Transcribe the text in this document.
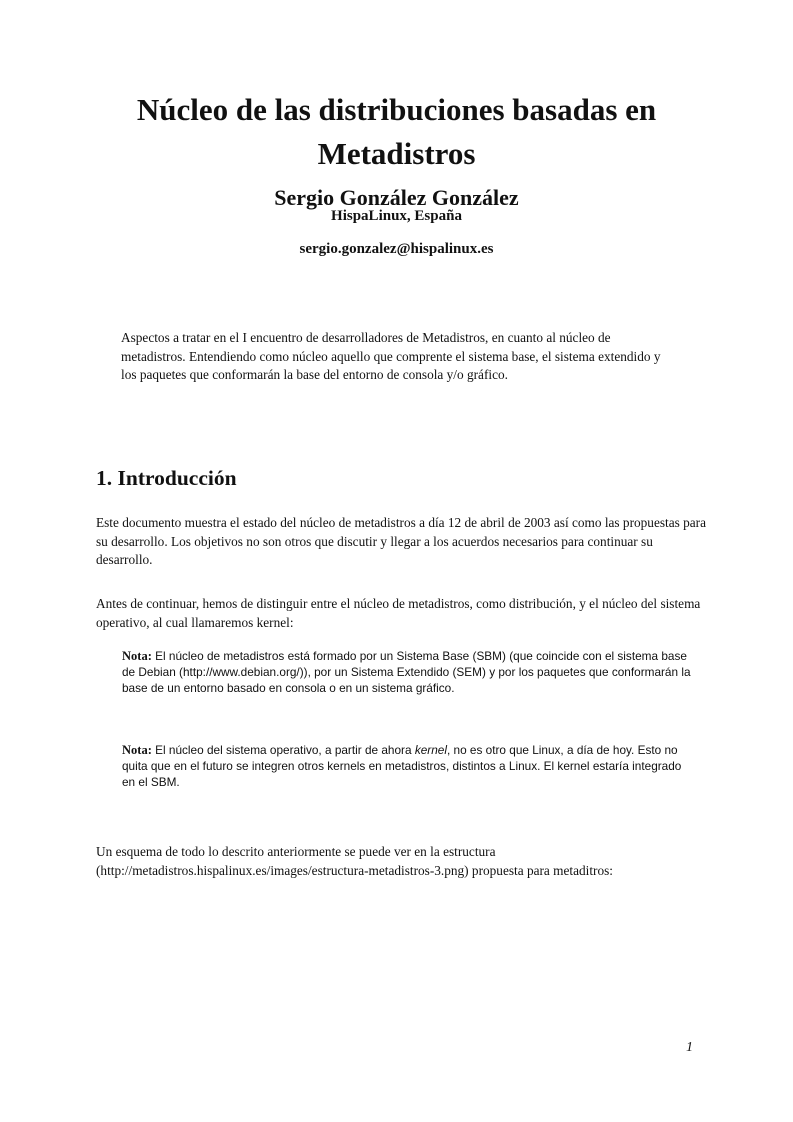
Núcleo de las distribuciones basadas en Metadistros

Sergio González González

HispaLinux, España

sergio.gonzalez@hispalinux.es

Aspectos a tratar en el I encuentro de desarrolladores de Metadistros, en cuanto al núcleo de metadistros. Entendiendo como núcleo aquello que comprente el sistema base, el sistema extendido y los paquetes que conformarán la base del entorno de consola y/o gráfico.

1. Introducción

Este documento muestra el estado del núcleo de metadistros a día 12 de abril de 2003 así como las propuestas para su desarrollo. Los objetivos no son otros que discutir y llegar a los acuerdos necesarios para continuar su desarrollo.

Antes de continuar, hemos de distinguir entre el núcleo de metadistros, como distribución, y el núcleo del sistema operativo, al cual llamaremos kernel:

Nota: El núcleo de metadistros está formado por un Sistema Base (SBM) (que coincide con el sistema base de Debian (http://www.debian.org/)), por un Sistema Extendido (SEM) y por los paquetes que conformarán la base de un entorno basado en consola o en un sistema gráfico.

Nota: El núcleo del sistema operativo, a partir de ahora kernel, no es otro que Linux, a día de hoy. Esto no quita que en el futuro se integren otros kernels en metadistros, distintos a Linux. El kernel estaría integrado en el SBM.

Un esquema de todo lo descrito anteriormente se puede ver en la estructura (http://metadistros.hispalinux.es/images/estructura-metadistros-3.png) propuesta para metaditros:

1
